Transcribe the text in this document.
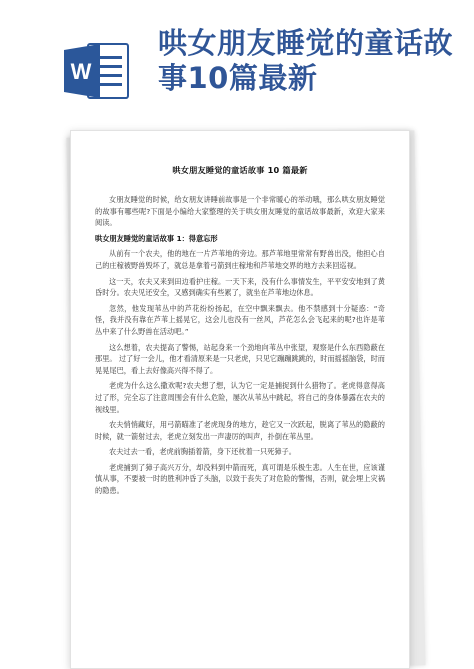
W
哄女朋友睡觉的童话故事10篇最新
哄女朋友睡觉的童话故事 10 篇最新

女朋友睡觉的时候，给女朋友讲睡前故事是一个非常暖心的举动哦，那么哄女朋友睡觉的故事有哪些呢?下面是小编给大家整理的关于哄女朋友睡觉的童话故事最新，欢迎大家来阅读。

哄女朋友睡觉的童话故事 1：得意忘形

从前有一个农夫，他的地在一片芦苇地的旁边。那芦苇地里常常有野兽出没，他担心自己的庄稼被野兽毁坏了，就总是拿着弓箭到庄稼地和芦苇地交界的地方去来回巡视。

这一天，农夫又来到田边看护庄稼。一天下来，没有什么事情发生，平平安安地到了黄昏时分。农夫见还安全，又感到确实有些累了，就坐在芦苇地边休息。

忽然，他发现苇丛中的芦花纷纷扬起，在空中飘来飘去。他不禁感到十分疑惑：“奇怪，我并没有靠在芦苇上摇晃它，这会儿也没有一丝风，芦花怎么会飞起来的呢?也许是苇丛中来了什么野兽在活动吧。”

这么想着，农夫提高了警惕，站起身来一个劲地向苇丛中张望，观察是什么东西隐蔽在那里。 过了好一会儿，他才看清原来是一只老虎，只见它蹦蹦跳跳的，时而摇摇脑袋，时而晃晃尾巴，看上去好像高兴得不得了。

老虎为什么这么撒欢呢?农夫想了想，认为它一定是捕捉到什么猎物了。老虎得意得高过了形，完全忘了注意周围会有什么危险，屡次从苇丛中跳起，将自己的身体暴露在农夫的视线里。

农夫悄悄藏好，用弓箭瞄准了老虎现身的地方，趁它又一次跃起，脱离了苇丛的隐蔽的时候，就一箭射过去，老虎立刻发出一声凄厉的叫声，扑倒在苇丛里。

农夫过去一看，老虎前胸插着箭，身下还枕着一只死獐子。

老虎捕到了獐子高兴万分，却没料到中箭而死，真可谓是乐极生悲。人生在世，应该谨慎从事，不要被一时的胜利冲昏了头脑，以致于丧失了对危险的警惕，否则，就会埋上灾祸的隐患。
